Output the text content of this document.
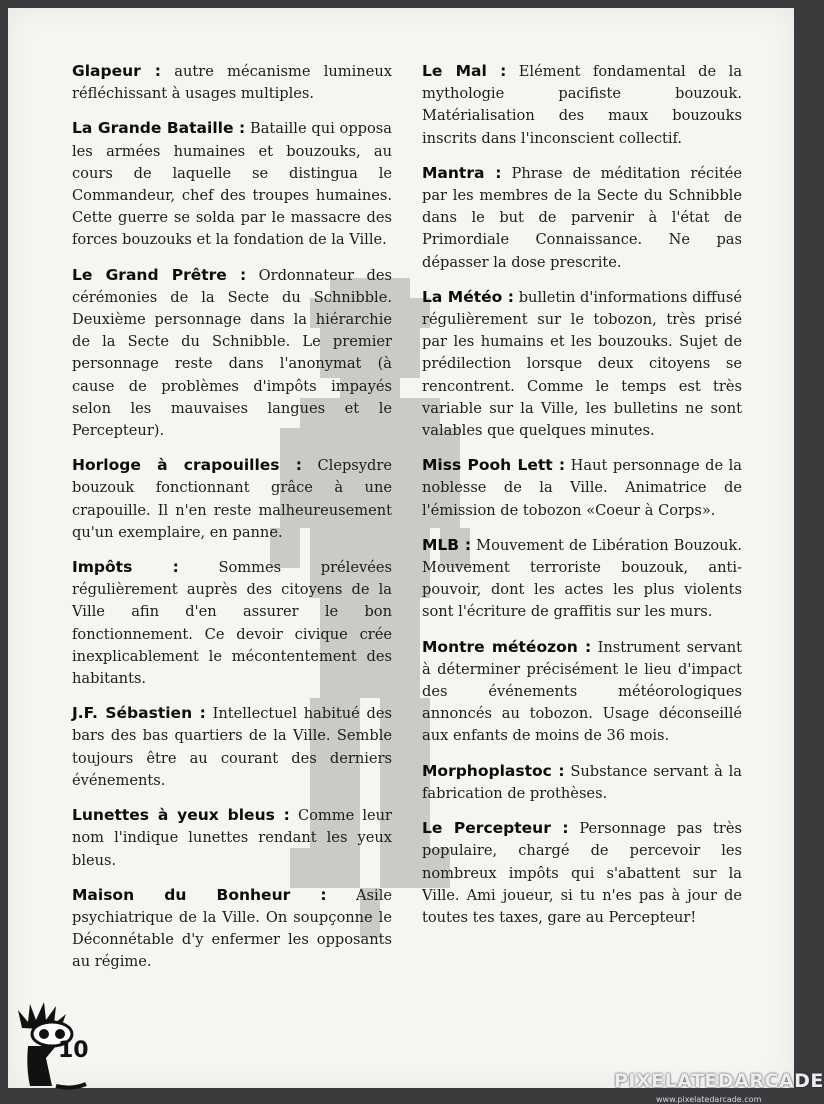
Glapeur : autre mécanisme lumineux réfléchissant à usages multiples.

La Grande Bataille : Bataille qui opposa les armées humaines et bouzouks, au cours de laquelle se distingua le Commandeur, chef des troupes humaines. Cette guerre se solda par le massacre des forces bouzouks et la fondation de la Ville.

Le Grand Prêtre : Ordonnateur des cérémonies de la Secte du Schnibble. Deuxième personnage dans la hiérarchie de la Secte du Schnibble. Le premier personnage reste dans l'anonymat (à cause de problèmes d'impôts impayés selon les mauvaises langues et le Percepteur).

Horloge à crapouilles : Clepsydre bouzouk fonctionnant grâce à une crapouille. Il n'en reste malheureusement qu'un exemplaire, en panne.

Impôts :	Sommes prélevées régulièrement auprès des citoyens de la Ville afin d'en assurer le bon fonctionnement. Ce devoir civique crée inexplicablement le mécontentement des habitants.

J.F. Sébastien : Intellectuel habitué des bars des bas quartiers de la Ville. Semble toujours être au courant des derniers événements.

Lunettes à yeux bleus : Comme leur nom l'indique lunettes rendant les yeux bleus.

Maison du Bonheur : Asile psychiatrique de la Ville. On soupçonne le Déconnétable d'y enfermer les opposants au régime.

Le Mal : Elément fondamental de la mythologie pacifiste bouzouk. Matérialisation des maux bouzouks inscrits dans l'inconscient collectif.

Mantra : Phrase de méditation récitée par les membres de la Secte du Schnibble dans le but de parvenir à l'état de Primordiale Connaissance. Ne pas dépasser la dose prescrite.

La Météo : bulletin d'informations diffusé régulièrement sur le tobozon, très prisé par les humains et les bouzouks. Sujet de prédilection lorsque deux citoyens se rencontrent. Comme le temps est très variable sur la Ville, les bulletins ne sont valables que quelques minutes.

Miss Pooh Lett : Haut personnage de la noblesse de la Ville. Animatrice de l'émission de tobozon «Coeur à Corps».

MLB : Mouvement de Libération Bouzouk. Mouvement terroriste bouzouk, anti-pouvoir, dont les actes les plus violents sont l'écriture de graffitis sur les murs.

Montre météozon : Instrument servant à déterminer précisément le lieu d'impact des événements météorologiques annoncés au tobozon. Usage déconseillé aux enfants de moins de 36 mois.

Morphoplastoc : Substance servant à la fabrication de prothèses.

Le Percepteur : Personnage pas très populaire, chargé de percevoir les nombreux impôts qui s'abattent sur la Ville. Ami joueur, si tu n'es pas à jour de toutes tes taxes, gare au Percepteur!

10
PIXELATEDARCADE
www.pixelatedarcade.com
